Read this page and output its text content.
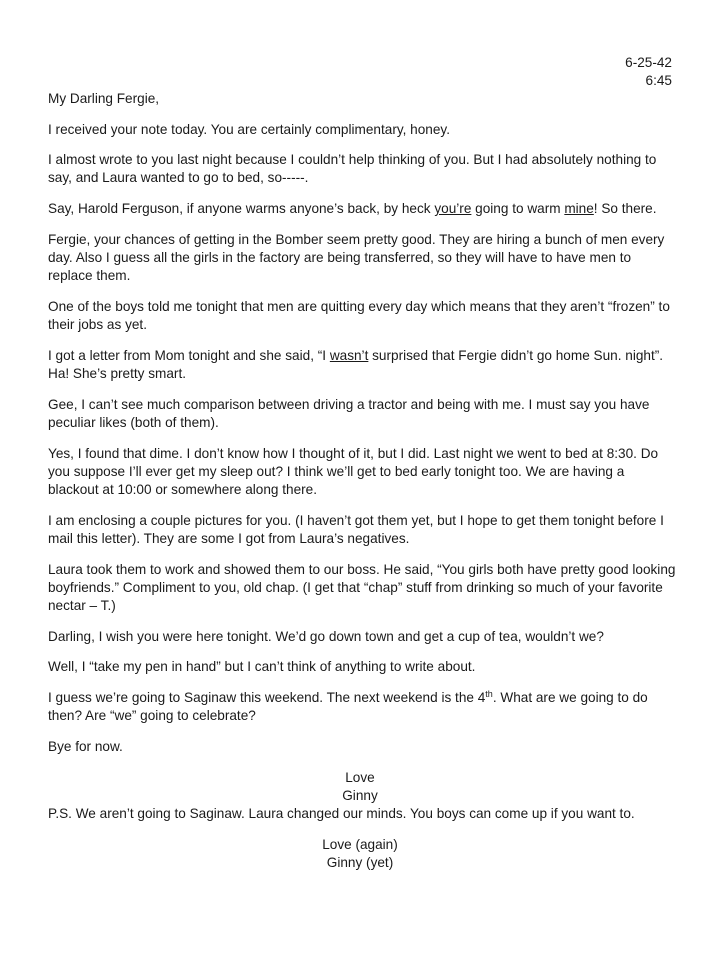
6-25-42
6:45

My Darling Fergie,

I received your note today. You are certainly complimentary, honey.

I almost wrote to you last night because I couldn’t help thinking of you. But I had absolutely nothing to say, and Laura wanted to go to bed, so-----.

Say, Harold Ferguson, if anyone warms anyone’s back, by heck you’re going to warm mine! So there.

Fergie, your chances of getting in the Bomber seem pretty good. They are hiring a bunch of men every day. Also I guess all the girls in the factory are being transferred, so they will have to have men to replace them.

One of the boys told me tonight that men are quitting every day which means that they aren’t “frozen” to their jobs as yet.

I got a letter from Mom tonight and she said, “I wasn’t surprised that Fergie didn’t go home Sun. night”. Ha! She’s pretty smart.

Gee, I can’t see much comparison between driving a tractor and being with me. I must say you have peculiar likes (both of them).

Yes, I found that dime. I don’t know how I thought of it, but I did. Last night we went to bed at 8:30. Do you suppose I’ll ever get my sleep out? I think we’ll get to bed early tonight too. We are having a blackout at 10:00 or somewhere along there.

I am enclosing a couple pictures for you. (I haven’t got them yet, but I hope to get them tonight before I mail this letter). They are some I got from Laura’s negatives.

Laura took them to work and showed them to our boss. He said, “You girls both have pretty good looking boyfriends.” Compliment to you, old chap. (I get that “chap” stuff from drinking so much of your favorite nectar – T.)

Darling, I wish you were here tonight. We’d go down town and get a cup of tea, wouldn’t we?

Well, I “take my pen in hand” but I can’t think of anything to write about.

I guess we’re going to Saginaw this weekend. The next weekend is the 4th. What are we going to do then? Are “we” going to celebrate?

Bye for now.

Love
Ginny

P.S. We aren’t going to Saginaw. Laura changed our minds. You boys can come up if you want to.

Love (again)
Ginny (yet)
